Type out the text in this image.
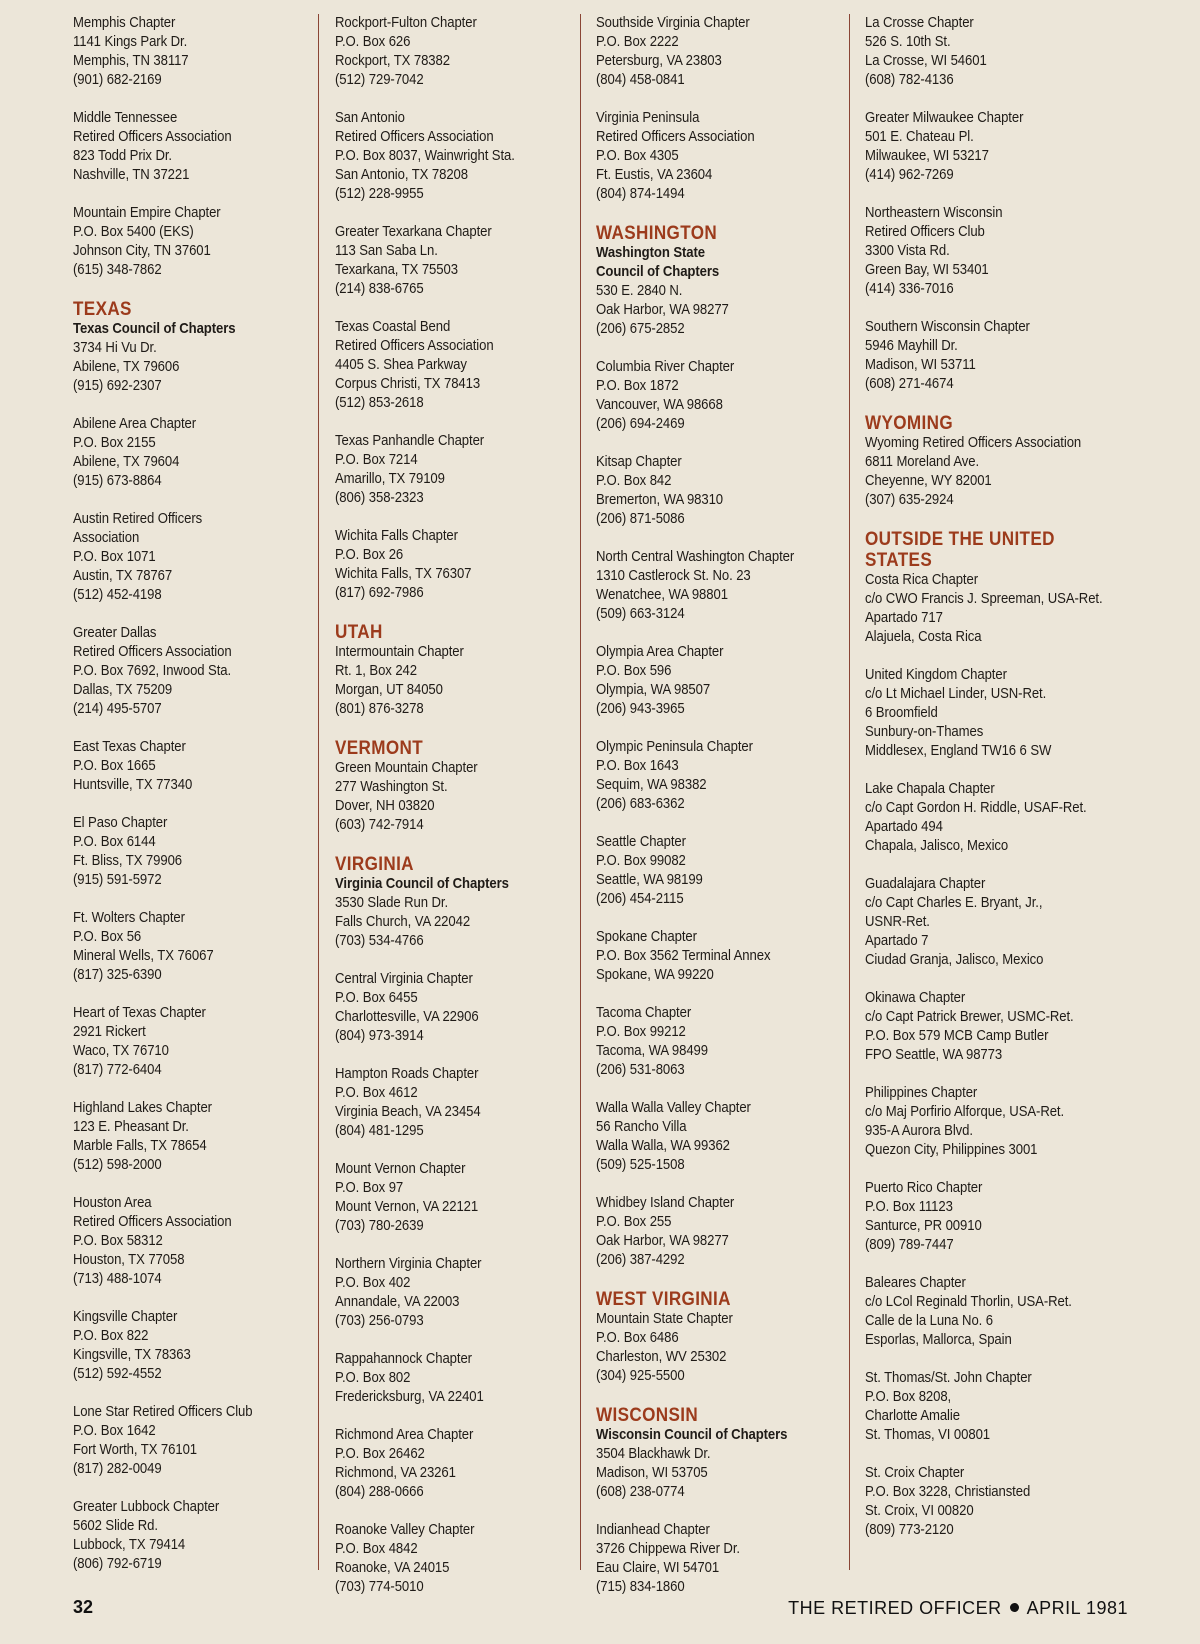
Memphis Chapter
1141 Kings Park Dr.
Memphis, TN 38117
(901) 682-2169
Middle Tennessee
Retired Officers Association
823 Todd Prix Dr.
Nashville, TN 37221
Mountain Empire Chapter
P.O. Box 5400 (EKS)
Johnson City, TN 37601
(615) 348-7862
TEXAS
Texas Council of Chapters
3734 Hi Vu Dr.
Abilene, TX 79606
(915) 692-2307
Abilene Area Chapter
P.O. Box 2155
Abilene, TX 79604
(915) 673-8864
Austin Retired Officers
Association
P.O. Box 1071
Austin, TX 78767
(512) 452-4198
Greater Dallas
Retired Officers Association
P.O. Box 7692, Inwood Sta.
Dallas, TX 75209
(214) 495-5707
East Texas Chapter
P.O. Box 1665
Huntsville, TX 77340
El Paso Chapter
P.O. Box 6144
Ft. Bliss, TX 79906
(915) 591-5972
Ft. Wolters Chapter
P.O. Box 56
Mineral Wells, TX 76067
(817) 325-6390
Heart of Texas Chapter
2921 Rickert
Waco, TX 76710
(817) 772-6404
Highland Lakes Chapter
123 E. Pheasant Dr.
Marble Falls, TX 78654
(512) 598-2000
Houston Area
Retired Officers Association
P.O. Box 58312
Houston, TX 77058
(713) 488-1074
Kingsville Chapter
P.O. Box 822
Kingsville, TX 78363
(512) 592-4552
Lone Star Retired Officers Club
P.O. Box 1642
Fort Worth, TX 76101
(817) 282-0049
Greater Lubbock Chapter
5602 Slide Rd.
Lubbock, TX 79414
(806) 792-6719
Rockport-Fulton Chapter
P.O. Box 626
Rockport, TX 78382
(512) 729-7042
San Antonio
Retired Officers Association
P.O. Box 8037, Wainwright Sta.
San Antonio, TX 78208
(512) 228-9955
Greater Texarkana Chapter
113 San Saba Ln.
Texarkana, TX 75503
(214) 838-6765
Texas Coastal Bend
Retired Officers Association
4405 S. Shea Parkway
Corpus Christi, TX 78413
(512) 853-2618
Texas Panhandle Chapter
P.O. Box 7214
Amarillo, TX 79109
(806) 358-2323
Wichita Falls Chapter
P.O. Box 26
Wichita Falls, TX 76307
(817) 692-7986
UTAH
Intermountain Chapter
Rt. 1, Box 242
Morgan, UT 84050
(801) 876-3278
VERMONT
Green Mountain Chapter
277 Washington St.
Dover, NH 03820
(603) 742-7914
VIRGINIA
Virginia Council of Chapters
3530 Slade Run Dr.
Falls Church, VA 22042
(703) 534-4766
Central Virginia Chapter
P.O. Box 6455
Charlottesville, VA 22906
(804) 973-3914
Hampton Roads Chapter
P.O. Box 4612
Virginia Beach, VA 23454
(804) 481-1295
Mount Vernon Chapter
P.O. Box 97
Mount Vernon, VA 22121
(703) 780-2639
Northern Virginia Chapter
P.O. Box 402
Annandale, VA 22003
(703) 256-0793
Rappahannock Chapter
P.O. Box 802
Fredericksburg, VA 22401
Richmond Area Chapter
P.O. Box 26462
Richmond, VA 23261
(804) 288-0666
Roanoke Valley Chapter
P.O. Box 4842
Roanoke, VA 24015
(703) 774-5010
Southside Virginia Chapter
P.O. Box 2222
Petersburg, VA 23803
(804) 458-0841
Virginia Peninsula
Retired Officers Association
P.O. Box 4305
Ft. Eustis, VA 23604
(804) 874-1494
WASHINGTON
Washington State
Council of Chapters
530 E. 2840 N.
Oak Harbor, WA 98277
(206) 675-2852
Columbia River Chapter
P.O. Box 1872
Vancouver, WA 98668
(206) 694-2469
Kitsap Chapter
P.O. Box 842
Bremerton, WA 98310
(206) 871-5086
North Central Washington Chapter
1310 Castlerock St. No. 23
Wenatchee, WA 98801
(509) 663-3124
Olympia Area Chapter
P.O. Box 596
Olympia, WA 98507
(206) 943-3965
Olympic Peninsula Chapter
P.O. Box 1643
Sequim, WA 98382
(206) 683-6362
Seattle Chapter
P.O. Box 99082
Seattle, WA 98199
(206) 454-2115
Spokane Chapter
P.O. Box 3562 Terminal Annex
Spokane, WA 99220
Tacoma Chapter
P.O. Box 99212
Tacoma, WA 98499
(206) 531-8063
Walla Walla Valley Chapter
56 Rancho Villa
Walla Walla, WA 99362
(509) 525-1508
Whidbey Island Chapter
P.O. Box 255
Oak Harbor, WA 98277
(206) 387-4292
WEST VIRGINIA
Mountain State Chapter
P.O. Box 6486
Charleston, WV 25302
(304) 925-5500
WISCONSIN
Wisconsin Council of Chapters
3504 Blackhawk Dr.
Madison, WI 53705
(608) 238-0774
Indianhead Chapter
3726 Chippewa River Dr.
Eau Claire, WI 54701
(715) 834-1860
La Crosse Chapter
526 S. 10th St.
La Crosse, WI 54601
(608) 782-4136
Greater Milwaukee Chapter
501 E. Chateau Pl.
Milwaukee, WI 53217
(414) 962-7269
Northeastern Wisconsin
Retired Officers Club
3300 Vista Rd.
Green Bay, WI 53401
(414) 336-7016
Southern Wisconsin Chapter
5946 Mayhill Dr.
Madison, WI 53711
(608) 271-4674
WYOMING
Wyoming Retired Officers Association
6811 Moreland Ave.
Cheyenne, WY 82001
(307) 635-2924
OUTSIDE THE UNITED STATES
Costa Rica Chapter
c/o CWO Francis J. Spreeman, USA-Ret.
Apartado 717
Alajuela, Costa Rica
United Kingdom Chapter
c/o Lt Michael Linder, USN-Ret.
6 Broomfield
Sunbury-on-Thames
Middlesex, England TW16 6 SW
Lake Chapala Chapter
c/o Capt Gordon H. Riddle, USAF-Ret.
Apartado 494
Chapala, Jalisco, Mexico
Guadalajara Chapter
c/o Capt Charles E. Bryant, Jr.,
USNR-Ret.
Apartado 7
Ciudad Granja, Jalisco, Mexico
Okinawa Chapter
c/o Capt Patrick Brewer, USMC-Ret.
P.O. Box 579 MCB Camp Butler
FPO Seattle, WA 98773
Philippines Chapter
c/o Maj Porfirio Alforque, USA-Ret.
935-A Aurora Blvd.
Quezon City, Philippines 3001
Puerto Rico Chapter
P.O. Box 11123
Santurce, PR 00910
(809) 789-7447
Baleares Chapter
c/o LCol Reginald Thorlin, USA-Ret.
Calle de la Luna No. 6
Esporlas, Mallorca, Spain
St. Thomas/St. John Chapter
P.O. Box 8208,
Charlotte Amalie
St. Thomas, VI 00801
St. Croix Chapter
P.O. Box 3228, Christiansted
St. Croix, VI 00820
(809) 773-2120
32	THE RETIRED OFFICER APRIL 1981
